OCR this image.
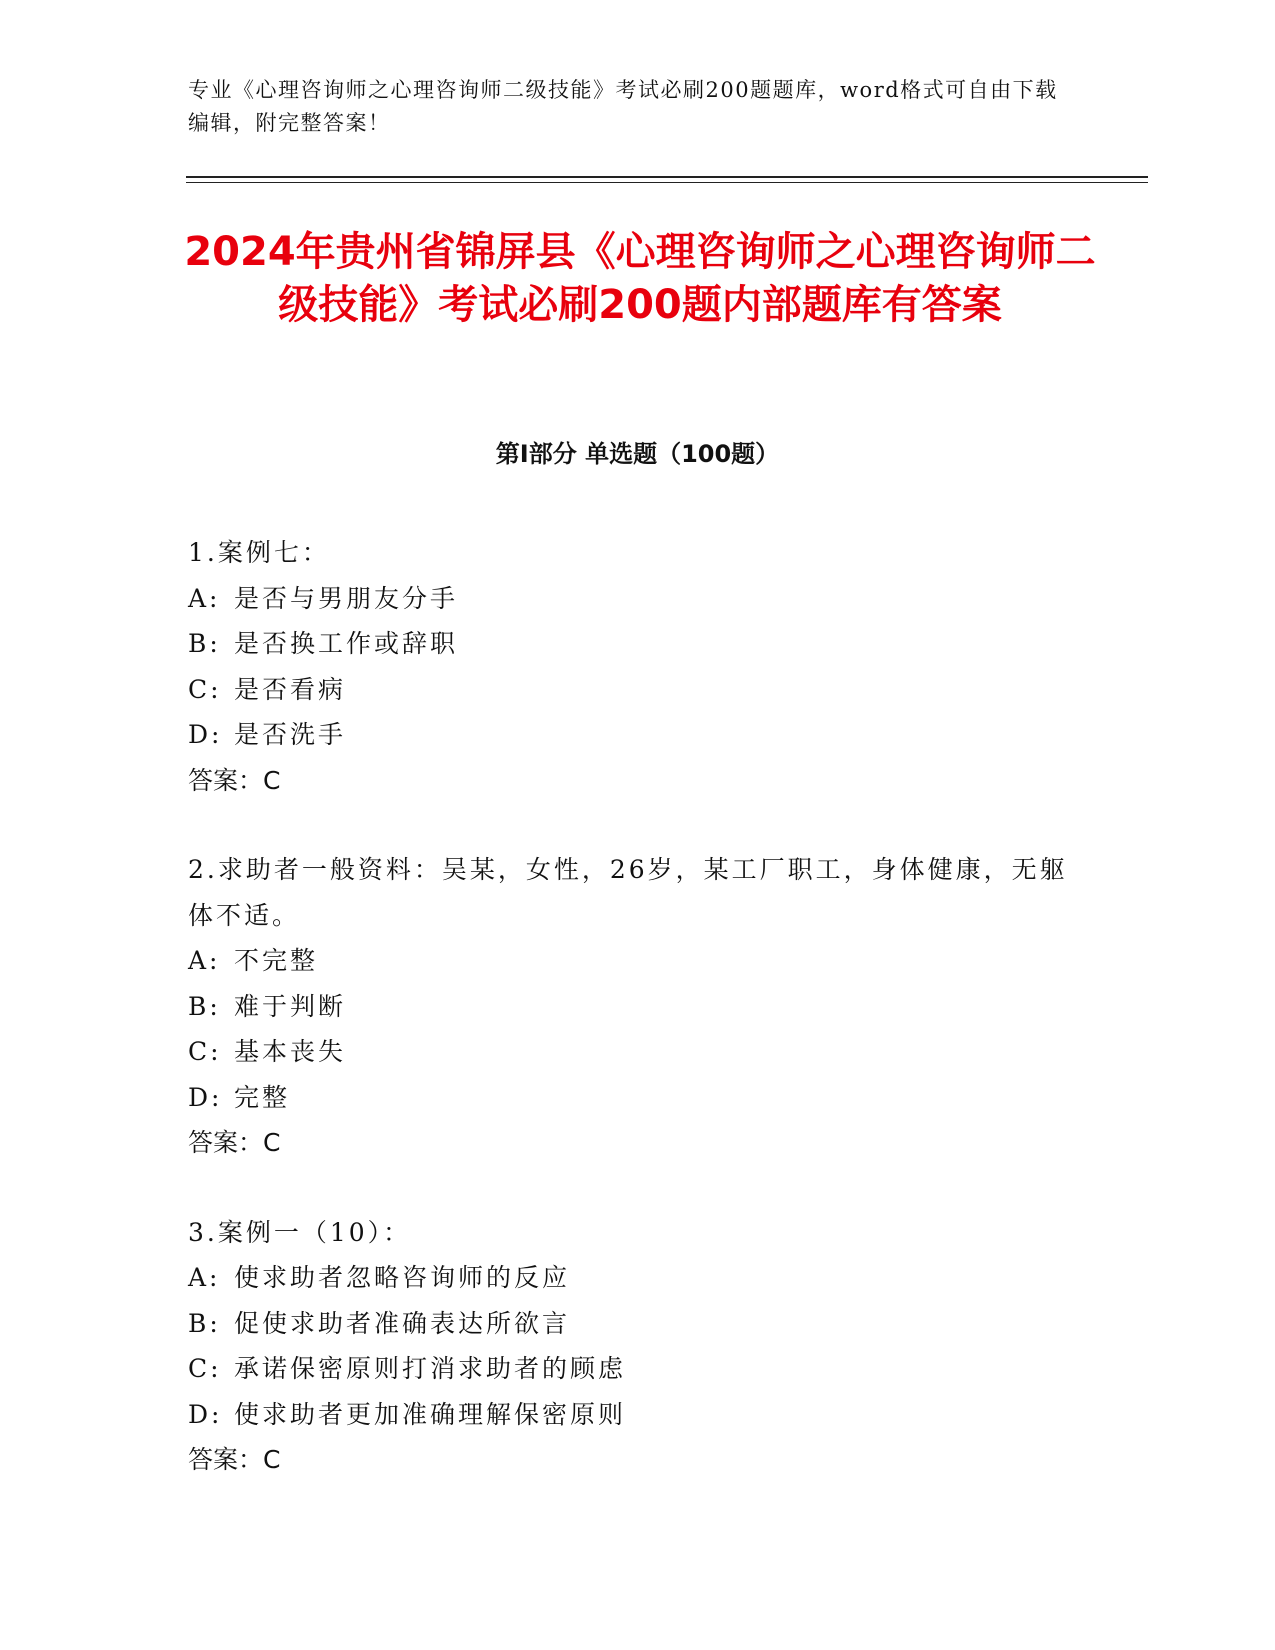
专业《心理咨询师之心理咨询师二级技能》考试必刷200题题库，word格式可自由下载编辑，附完整答案！
2024年贵州省锦屏县《心理咨询师之心理咨询师二级技能》考试必刷200题内部题库有答案
第Ⅰ部分 单选题（100题）
1.案例七：
A: 是否与男朋友分手
B: 是否换工作或辞职
C: 是否看病
D: 是否洗手
答案：C
2.求助者一般资料：吴某，女性，26岁，某工厂职工，身体健康，无躯体不适。
A: 不完整
B: 难于判断
C: 基本丧失
D: 完整
答案：C
3.案例一（10）：
A: 使求助者忽略咨询师的反应
B: 促使求助者准确表达所欲言
C: 承诺保密原则打消求助者的顾虑
D: 使求助者更加准确理解保密原则
答案：C
